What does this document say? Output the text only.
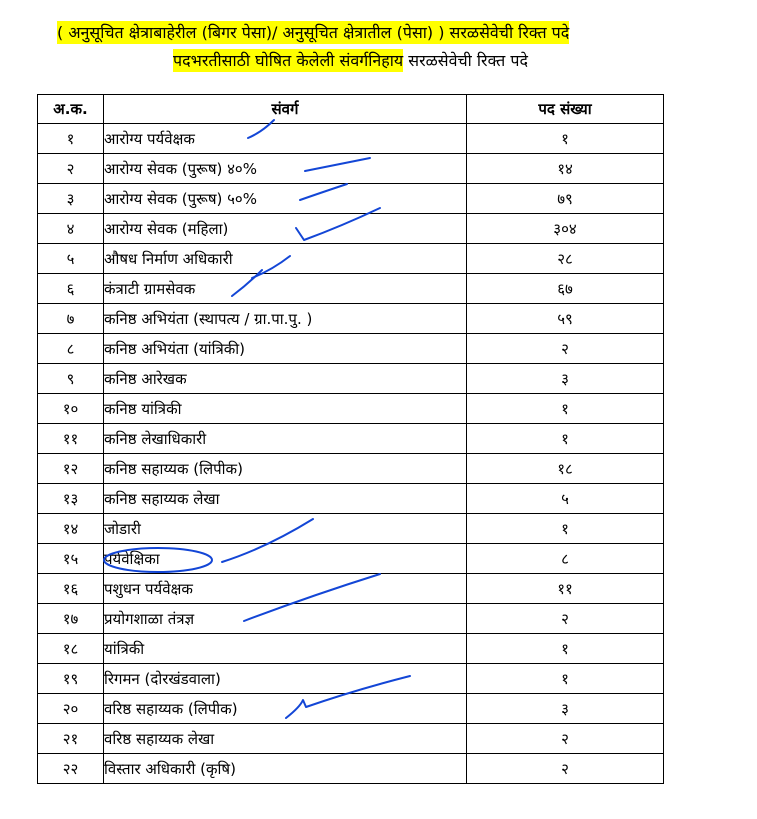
( अनुसूचित क्षेत्राबाहेरील (बिगर पेसा)/ अनुसूचित क्षेत्रातील (पेसा) ) सरळसेवेची रिक्त पदे
पदभरतीसाठी घोषित केलेली संवर्गनिहाय सरळसेवेची रिक्त पदे
अ.क.	संवर्ग	पद संख्या
१	आरोग्य पर्यवेक्षक	१
२	आरोग्य सेवक (पुरूष) ४०%	१४
३	आरोग्य सेवक (पुरूष) ५०%	७९
४	आरोग्य सेवक (महिला)	३०४
५	औषध निर्माण अधिकारी	२८
६	कंत्राटी ग्रामसेवक	६७
७	कनिष्ठ अभियंता (स्थापत्य / ग्रा.पा.पु. )	५९
८	कनिष्ठ अभियंता (यांत्रिकी)	२
९	कनिष्ठ आरेखक	३
१०	कनिष्ठ यांत्रिकी	१
११	कनिष्ठ लेखाधिकारी	१
१२	कनिष्ठ सहाय्यक (लिपीक)	१८
१३	कनिष्ठ सहाय्यक लेखा	५
१४	जोडारी	१
१५	पर्यवेक्षिका	८
१६	पशुधन पर्यवेक्षक	११
१७	प्रयोगशाळा तंत्रज्ञ	२
१८	यांत्रिकी	१
१९	रिगमन (दोरखंडवाला)	१
२०	वरिष्ठ सहाय्यक (लिपीक)	३
२१	वरिष्ठ सहाय्यक लेखा	२
२२	विस्तार अधिकारी (कृषि)	२
